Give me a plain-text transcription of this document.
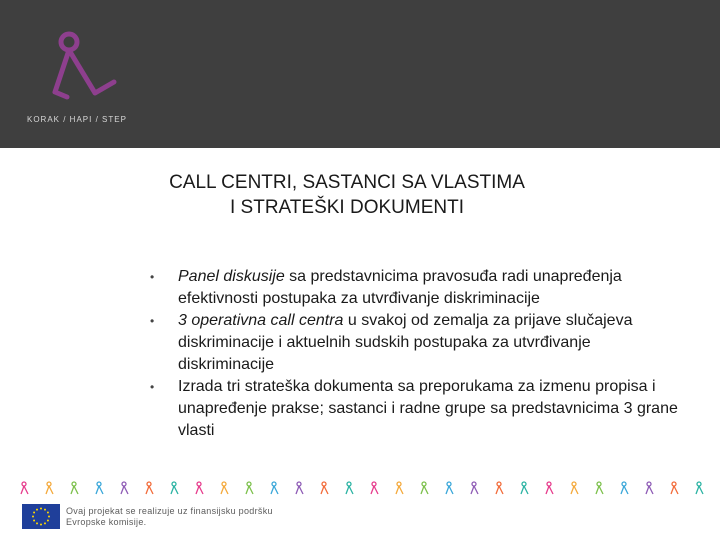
KORAK / HAPI / STEP
CALL CENTRI, SASTANCI SA VLASTIMA
I STRATEŠKI DOKUMENTI
• Panel diskusije sa predstavnicima pravosuđa radi unapređenja efektivnosti postupaka za utvrđivanje diskriminacije
• 3 operativna call centra u svakoj od zemalja za prijave slučajeva diskriminacije i aktuelnih sudskih postupaka za utvrđivanje diskriminacije
• Izrada tri strateška dokumenta sa preporukama za izmenu propisa i unapređenje prakse; sastanci i radne grupe sa predstavnicima 3 grane vlasti
Ovaj projekat se realizuje uz finansijsku podršku
Evropske komisije.
